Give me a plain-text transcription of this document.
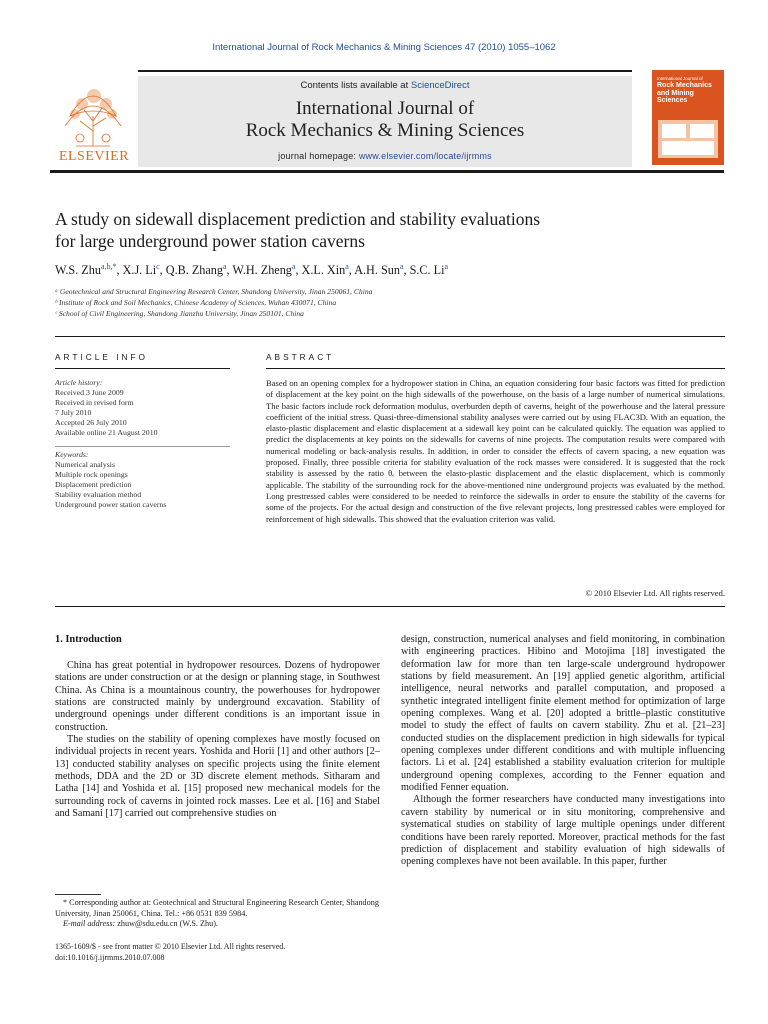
International Journal of Rock Mechanics & Mining Sciences 47 (2010) 1055–1062
ELSEVIER
Contents lists available at ScienceDirect
International Journal of
Rock Mechanics & Mining Sciences
journal homepage: www.elsevier.com/locate/ijrmms
International Journal of
Rock Mechanics and Mining Sciences
A study on sidewall displacement prediction and stability evaluations
for large underground power station caverns
W.S. Zhu$^{a,b,*}$, X.J. Li$^c$, Q.B. Zhang$^a$, W.H. Zheng$^a$, X.L. Xin$^a$, A.H. Sun$^a$, S.C. Li$^a$
ᵃ Geotechnical and Structural Engineering Research Center, Shandong University, Jinan 250061, China
ᵇ Institute of Rock and Soil Mechanics, Chinese Academy of Sciences, Wuhan 430071, China
ᶜ School of Civil Engineering, Shandong Jianzhu University, Jinan 250101, China
ARTICLE INFO
Article history:
Received 3 June 2009
Received in revised form
7 July 2010
Accepted 26 July 2010
Available online 21 August 2010
Keywords:
Numerical analysis
Multiple rock openings
Displacement prediction
Stability evaluation method
Underground power station caverns
ABSTRACT
Based on an opening complex for a hydropower station in China, an equation considering four basic factors was fitted for prediction of displacement at the key point on the high sidewalls of the powerhouse, on the basis of a large number of numerical simulations. The basic factors include rock deformation modulus, overburden depth of caverns, height of the powerhouse and the lateral pressure coefficient of the initial stress. Quasi-three-dimensional stability analyses were carried out by using FLAC3D. With an equation, the elasto-plastic displacement and elastic displacement at a sidewall key point can be calculated quickly. The equation was applied to predict the displacements at key points on the sidewalls for caverns of nine projects. The computation results were compared with numerical modeling or back-analysis results. In addition, in order to consider the effects of cavern spacing, a new equation was proposed. Finally, three possible criteria for stability evaluation of the rock masses were considered. It is suggested that the rock stability is assessed by the ratio θₑ between the elasto-plastic displacement and the elastic displacement, which is commonly applicable. The stability of the surrounding rock for the above-mentioned nine underground projects was evaluated by the method. Long prestressed cables were considered to be needed to reinforce the sidewalls in order to ensure the stability of the caverns for some of the projects. For the actual design and construction of the five relevant projects, long prestressed cables were employed for reinforcement of high sidewalls. This showed that the evaluation criterion was valid.
© 2010 Elsevier Ltd. All rights reserved.
1. Introduction

China has great potential in hydropower resources. Dozens of hydropower stations are under construction or at the design or planning stage, in Southwest China. As China is a mountainous country, the powerhouses for hydropower stations are constructed mainly by underground excavation. Stability of underground openings under different conditions is an important issue in construction.

The studies on the stability of opening complexes have mostly focused on individual projects in recent years. Yoshida and Horii [1] and other authors [2–13] conducted stability analyses on specific projects using the finite element methods, DDA and the 2D or 3D discrete element methods. Sitharam and Latha [14] and Yoshida et al. [15] proposed new mechanical models for the surrounding rock of caverns in jointed rock masses. Lee et al. [16] and Stabel and Samani [17] carried out comprehensive studies on

design, construction, numerical analyses and field monitoring, in combination with engineering practices. Hibino and Motojima [18] investigated the deformation law for more than ten large-scale underground hydropower stations by field measurement. An [19] applied genetic algorithm, artificial intelligence, neural networks and parallel computation, and proposed a synthetic integrated intelligent finite element method for optimization of large opening complexes. Wang et al. [20] adopted a brittle–plastic constitutive model to study the effect of faults on cavern stability. Zhu et al. [21–23] conducted studies on the displacement prediction in high sidewalls for typical opening complexes under different conditions and with multiple influencing factors. Li et al. [24] established a stability evaluation criterion for multiple underground opening complexes, according to the Fenner equation and modified Fenner equation.

Although the former researchers have conducted many investigations into cavern stability by numerical or in situ monitoring, comprehensive and systematical studies on stability of large multiple openings under different conditions have been rarely reported. Moreover, practical methods for the fast prediction of displacement and stability evaluation of high sidewalls of opening complexes have not been available. In this paper, further

* Corresponding author at: Geotechnical and Structural Engineering Research Center, Shandong University, Jinan 250061, China. Tel.: +86 0531 839 5984.
E-mail address: zhuw@sdu.edu.cn (W.S. Zhu).
1365-1609/$ - see front matter © 2010 Elsevier Ltd. All rights reserved.
doi:10.1016/j.ijrmms.2010.07.008
